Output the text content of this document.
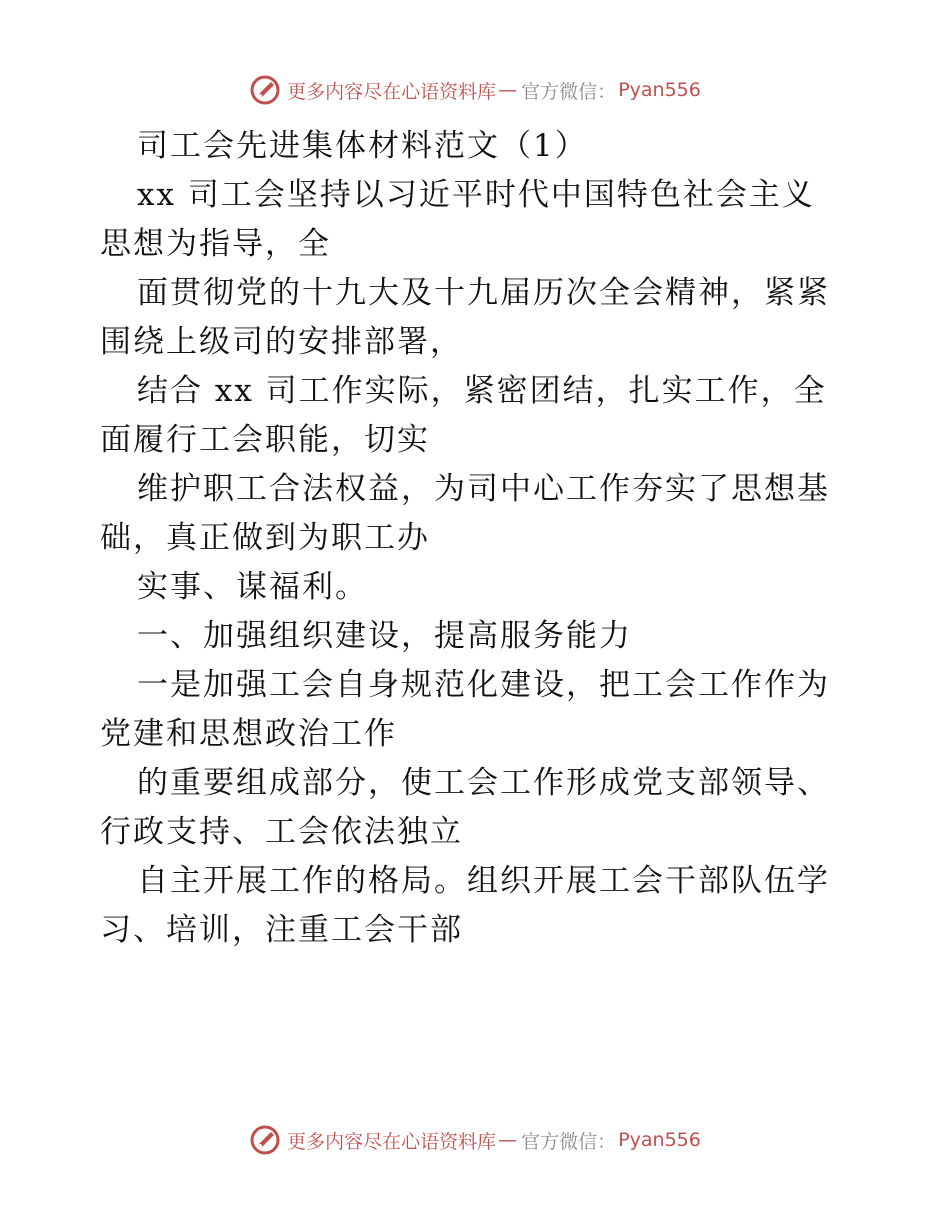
更多内容尽在心语资料库 — 官方微信： Pyan556
司工会先进集体材料范文（1）
xx 司工会坚持以习近平时代中国特色社会主义
思想为指导，全
面贯彻党的十九大及十九届历次全会精神，紧紧
围绕上级司的安排部署，
结合 xx 司工作实际，紧密团结，扎实工作，全
面履行工会职能，切实
维护职工合法权益，为司中心工作夯实了思想基
础，真正做到为职工办
实事、谋福利。
一、加强组织建设，提高服务能力
一是加强工会自身规范化建设，把工会工作作为
党建和思想政治工作
的重要组成部分，使工会工作形成党支部领导、
行政支持、工会依法独立
自主开展工作的格局。组织开展工会干部队伍学
习、培训，注重工会干部
更多内容尽在心语资料库 — 官方微信： Pyan556
